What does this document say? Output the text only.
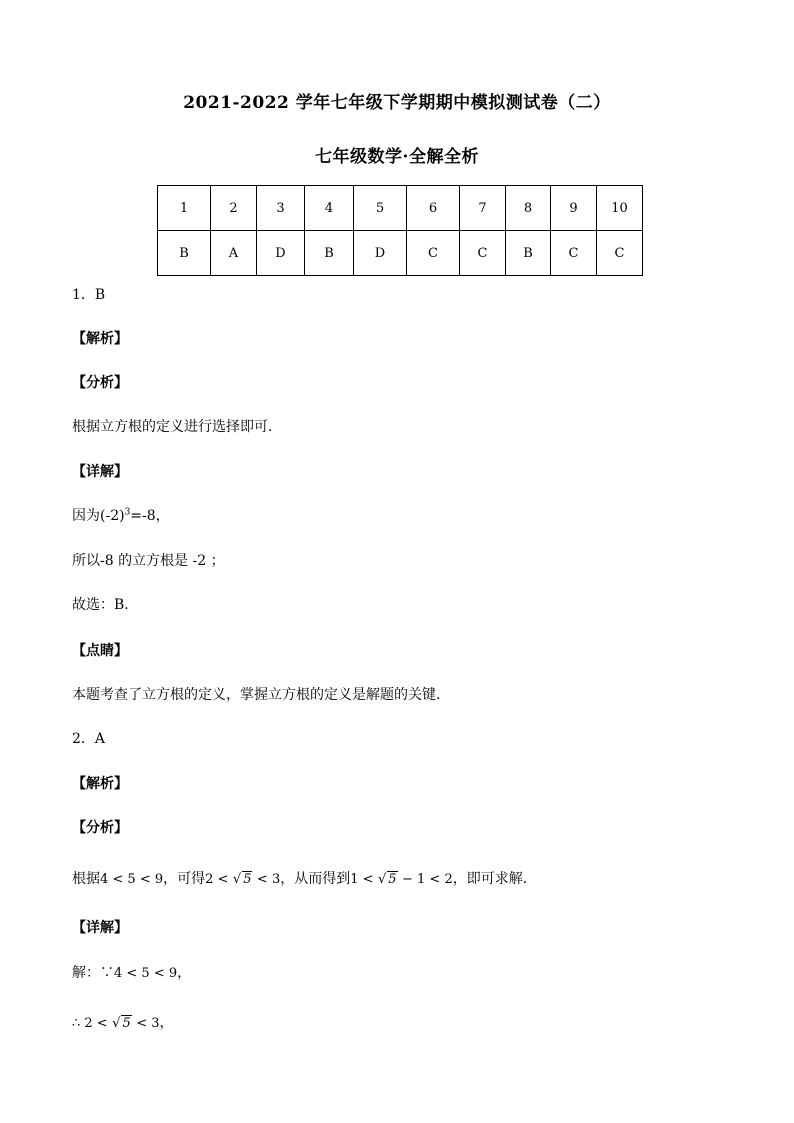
2021-2022 学年七年级下学期期中模拟测试卷（二）
七年级数学·全解全析
1	2	3	4	5	6	7	8	9	10
B	A	D	B	D	C	C	B	C	C
1．B
【解析】
【分析】
根据立方根的定义进行选择即可．
【详解】
因为$(-2)^3=-8$，
所以-8 的立方根是 -2 ；
故选：B．
【点睛】
本题考查了立方根的定义，掌握立方根的定义是解题的关键．
2．A
【解析】
【分析】
根据4 < 5 < 9，可得2 < √ 5 < 3，从而得到1 < √ 5 − 1 < 2，即可求解．
【详解】
解：∵4 < 5 < 9，
∴ 2 < √ 5 < 3，
